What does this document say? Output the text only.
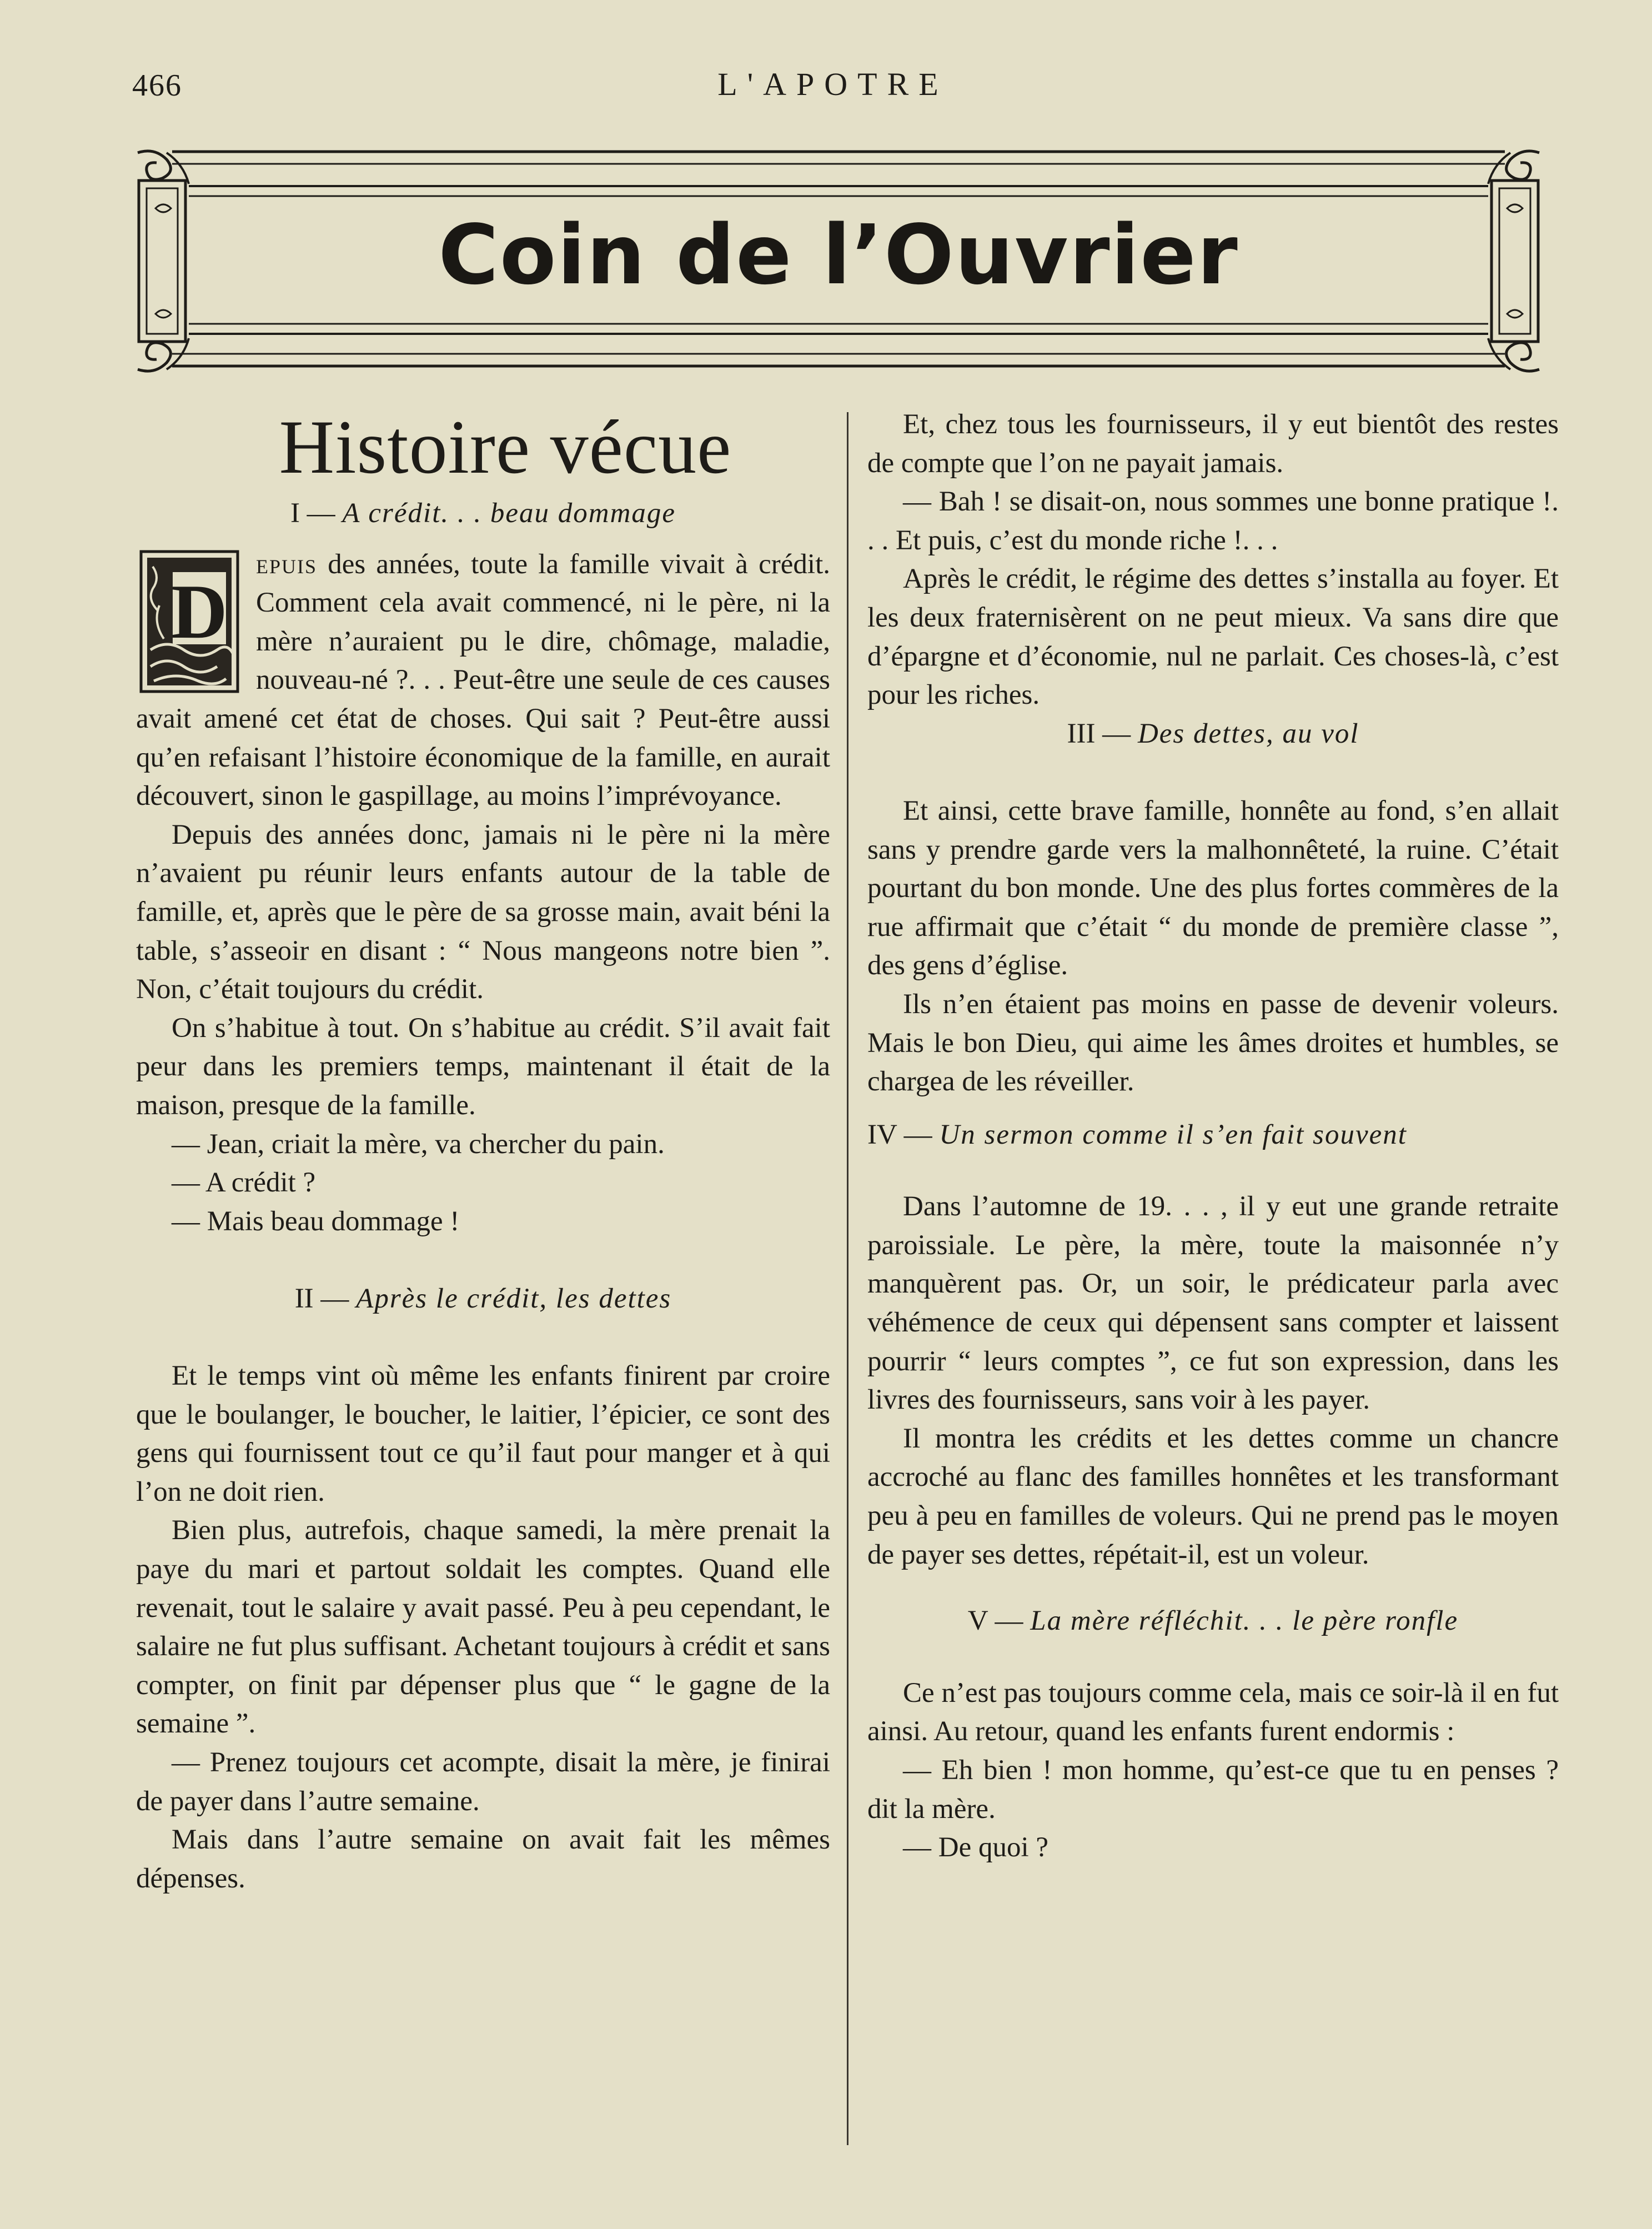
466	L'APOTRE
Coin de l’Ouvrier
Histoire vécue
I — A crédit. . . beau dommage
D

epuis des années, toute la famille vivait à crédit. Comment cela avait commencé, ni le père, ni la mère n’auraient pu le dire, chômage, maladie, nouveau-né ?. . . Peut-être une seule de ces causes avait amené cet état de choses. Qui sait ? Peut-être aussi qu’en refaisant l’histoire économique de la famille, en aurait découvert, sinon le gaspillage, au moins l’imprévoyance.

Depuis des années donc, jamais ni le père ni la mère n’avaient pu réunir leurs enfants autour de la table de famille, et, après que le père de sa grosse main, avait béni la table, s’asseoir en disant : “ Nous mangeons notre bien ”. Non, c’était toujours du crédit.

On s’habitue à tout. On s’habitue au crédit. S’il avait fait peur dans les premiers temps, maintenant il était de la maison, presque de la famille.

— Jean, criait la mère, va chercher du pain.

— A crédit ?

— Mais beau dommage !

II — Après le crédit, les dettes

Et le temps vint où même les enfants finirent par croire que le boulanger, le boucher, le laitier, l’épicier, ce sont des gens qui fournissent tout ce qu’il faut pour manger et à qui l’on ne doit rien.

Bien plus, autrefois, chaque samedi, la mère prenait la paye du mari et partout soldait les comptes. Quand elle revenait, tout le salaire y avait passé. Peu à peu cependant, le salaire ne fut plus suffisant. Achetant toujours à crédit et sans compter, on finit par dépenser plus que “ le gagne de la semaine ”.

— Prenez toujours cet acompte, disait la mère, je finirai de payer dans l’autre semaine.

Mais dans l’autre semaine on avait fait les mêmes dépenses.

Et, chez tous les fournisseurs, il y eut bientôt des restes de compte que l’on ne payait jamais.

— Bah ! se disait-on, nous sommes une bonne pratique !. . . Et puis, c’est du monde riche !. . .

Après le crédit, le régime des dettes s’installa au foyer. Et les deux fraternisèrent on ne peut mieux. Va sans dire que d’épargne et d’économie, nul ne parlait. Ces choses-là, c’est pour les riches.

III — Des dettes, au vol

Et ainsi, cette brave famille, honnête au fond, s’en allait sans y prendre garde vers la malhonnêteté, la ruine. C’était pourtant du bon monde. Une des plus fortes commères de la rue affirmait que c’était “ du monde de première classe ”, des gens d’église.

Ils n’en étaient pas moins en passe de devenir voleurs. Mais le bon Dieu, qui aime les âmes droites et humbles, se chargea de les réveiller.

IV — Un sermon comme il s’en fait souvent

Dans l’automne de 19. . . , il y eut une grande retraite paroissiale. Le père, la mère, toute la maisonnée n’y manquèrent pas. Or, un soir, le prédicateur parla avec véhémence de ceux qui dépensent sans compter et laissent pourrir “ leurs comptes ”, ce fut son expression, dans les livres des fournisseurs, sans voir à les payer.

Il montra les crédits et les dettes comme un chancre accroché au flanc des familles honnêtes et les transformant peu à peu en familles de voleurs. Qui ne prend pas le moyen de payer ses dettes, répétait-il, est un voleur.

V — La mère réfléchit. . . le père ronfle

Ce n’est pas toujours comme cela, mais ce soir-là il en fut ainsi. Au retour, quand les enfants furent endormis :

— Eh bien ! mon homme, qu’est-ce que tu en penses ? dit la mère.

— De quoi ?
